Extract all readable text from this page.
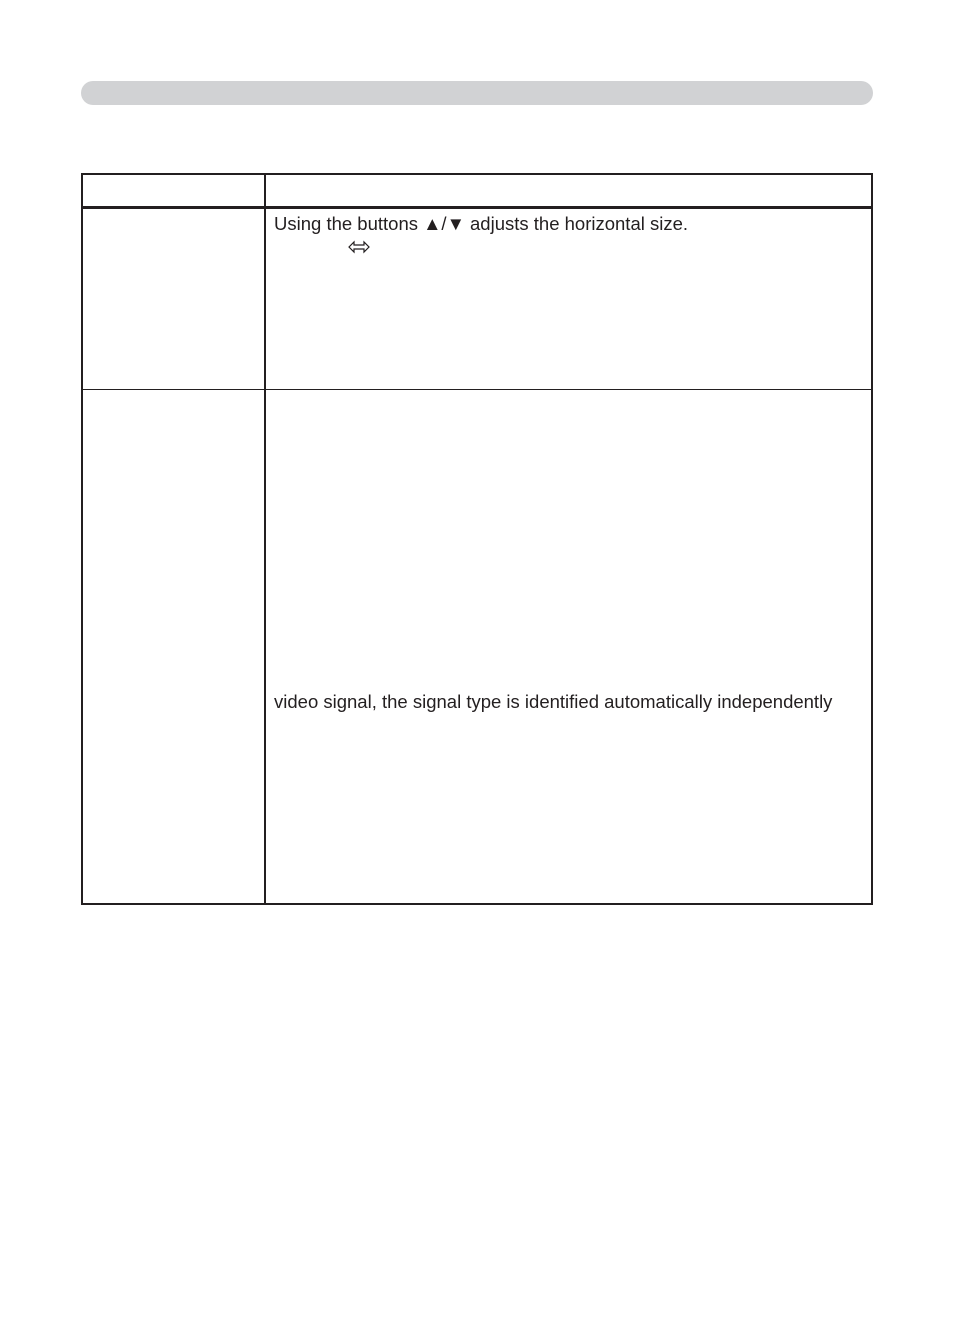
Using the buttons ▲/▼ adjusts the horizontal size.
video signal, the signal type is identified automatically independently
